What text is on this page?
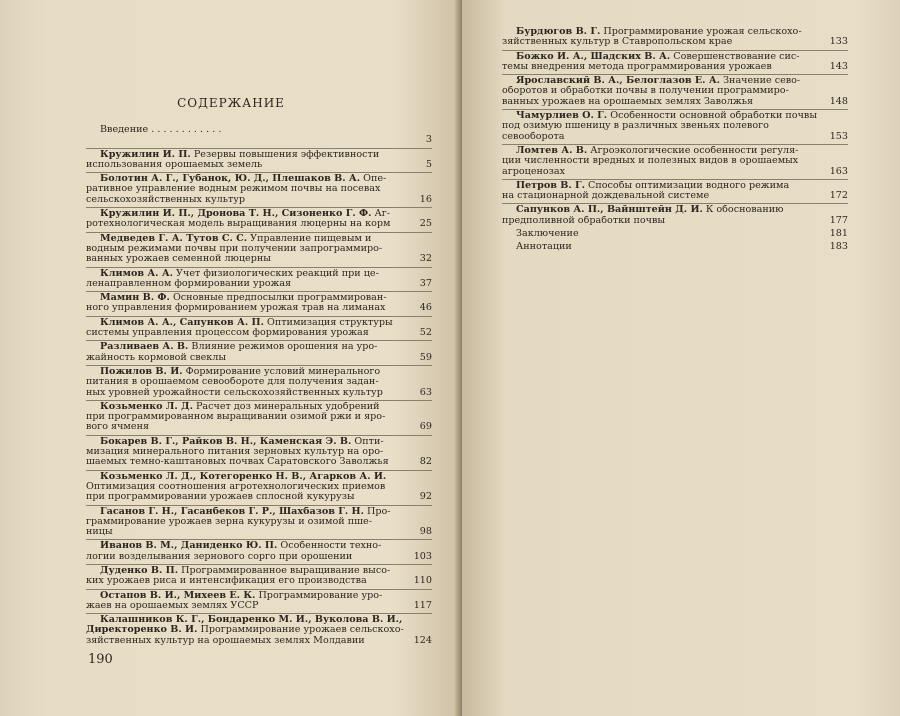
СОДЕРЖАНИЕ
Введение . . . . . . . . . . . .
3
Кружилин И. П. Резервы повышения эффективности
использования орошаемых земель	5
Болотин А. Г., Губанок, Ю. Д., Плешаков В. А. Опе-
ративное управление водным режимом почвы на посевах
сельскохозяйственных культур	16
Кружилин И. П., Дронова Т. Н., Сизоненко Г. Ф. Аг-
ротехнологическая модель выращивания люцерны на корм	25
Медведев Г. А. Тутов С. С. Управление пищевым и
водным режимами почвы при получении запрограммиро-
ванных урожаев семенной люцерны	32
Климов А. А. Учет физиологических реакций при це-
ленаправленном формировании урожая	37
Мамин В. Ф. Основные предпосылки программирован-
ного управления формированием урожая трав на лиманах	46
Климов А. А., Сапунков А. П. Оптимизация структуры
системы управления процессом формирования урожая	52
Разливаев А. В. Влияние режимов орошения на уро-
жайность кормовой свеклы	59
Пожилов В. И. Формирование условий минерального
питания в орошаемом севообороте для получения задан-
ных уровней урожайности сельскохозяйственных культур	63
Козьменко Л. Д. Расчет доз минеральных удобрений
при программированном выращивании озимой ржи и яро-
вого ячменя	69
Бокарев В. Г., Райков В. Н., Каменская Э. В. Опти-
мизация минерального питания зерновых культур на оро-
шаемых темно-каштановых почвах Саратовского Заволжья	82
Козьменко Л. Д., Котегоренко Н. В., Агарков А. И.
Оптимизация соотношения агротехнологических приемов
при программировании урожаев сплосной кукурузы	92
Гасанов Г. Н., Гасанбеков Г. Р., Шахбазов Г. Н. Про-
граммирование урожаев зерна кукурузы и озимой пше-
ницы	98
Иванов В. М., Даниденко Ю. П. Особенности техно-
логии возделывания зернового сорго при орошении	103
Дуденко В. П. Программированное выращивание высо-
ких урожаев риса и интенсификация его производства	110
Остапов В. И., Михеев Е. К. Программирование уро-
жаев на орошаемых землях УССР	117
Калашников К. Г., Бондаренко М. И., Вуколова В. И.,
Директоренко В. И. Программирование урожаев сельскохо-
зяйственных культур на орошаемых землях Молдавии	124
190
Бурдюгов В. Г. Программирование урожая сельскохо-
зяйственных культур в Ставропольском крае	133
Божко И. А., Шадских В. А. Совершенствование сис-
темы внедрения метода программирования урожаев	143
Ярославский В. А., Белоглазов Е. А. Значение сево-
оборотов и обработки почвы в получении программиро-
ванных урожаев на орошаемых землях Заволжья	148
Чамурлиев О. Г. Особенности основной обработки почвы
под озимую пшеницу в различных звеньях полевого
севооборота	153
Ломтев А. В. Агроэкологические особенности регуля-
ции численности вредных и полезных видов в орошаемых
агроценозах	163
Петров В. Г. Способы оптимизации водного режима
на стационарной дождевальной системе	172
Сапунков А. П., Вайнштейн Д. И. К обоснованию
предполивной обработки почвы	177
Заключение	181
Аннотации	183
